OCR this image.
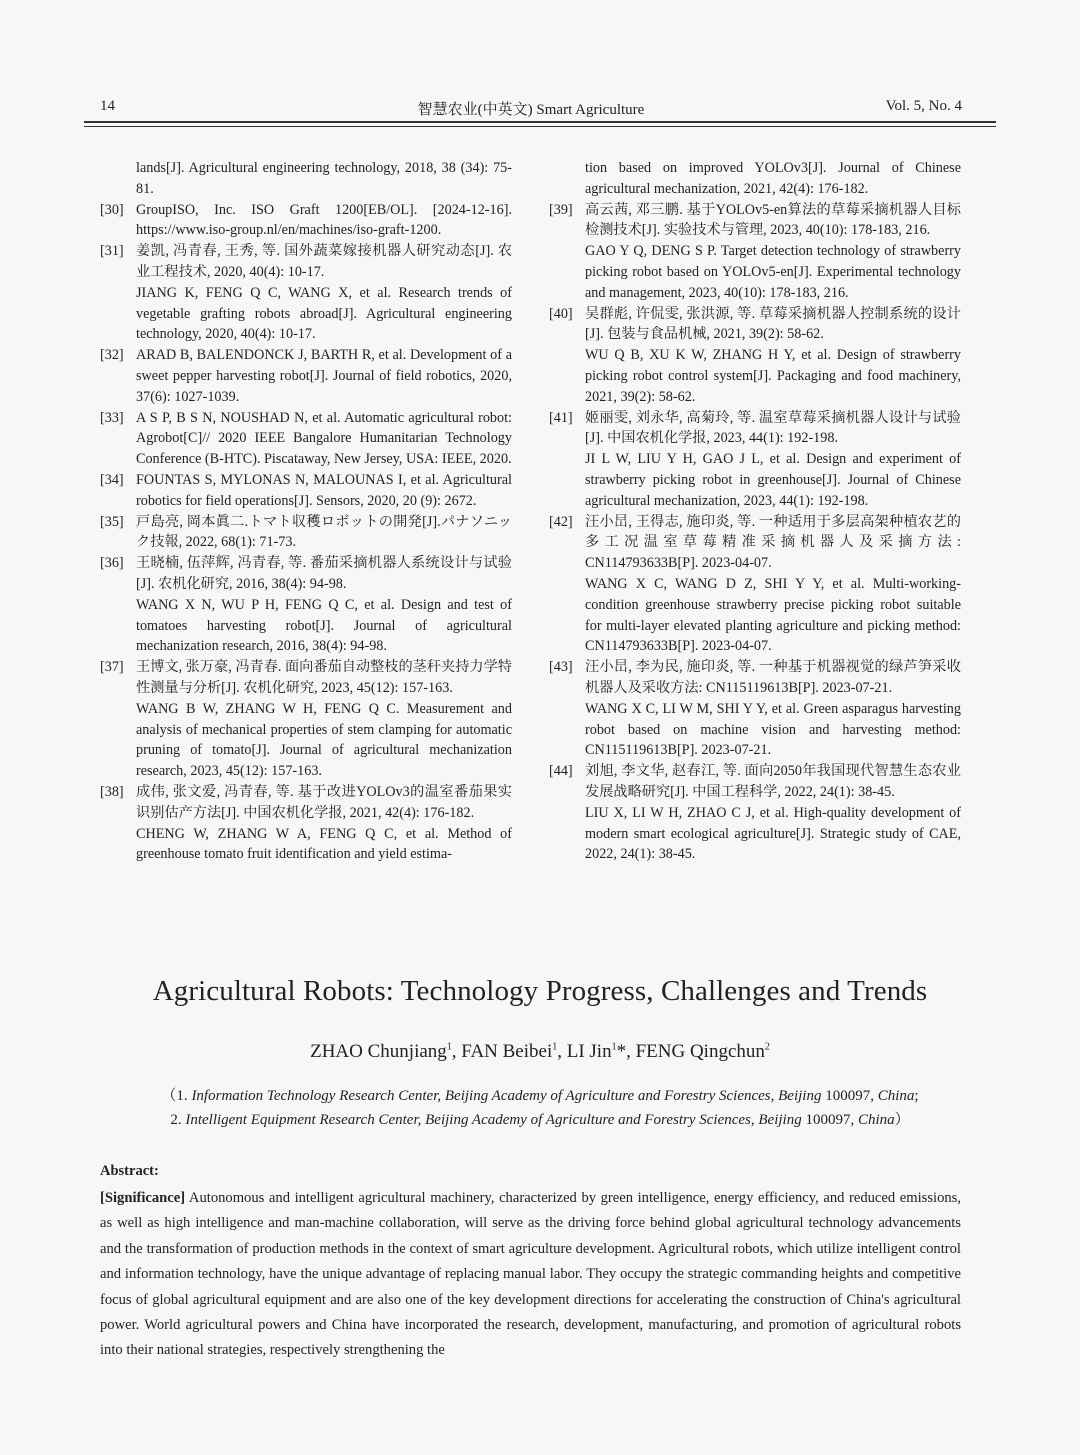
14	智慧农业(中英文) Smart Agriculture	Vol. 5, No. 4
lands[J]. Agricultural engineering technology, 2018, 38 (34): 75-81.
[30] GroupISO, Inc. ISO Graft 1200[EB/OL]. [2024-12-16]. https://www.iso-group.nl/en/machines/iso-graft-1200.
[31] 姜凯, 冯青春, 王秀, 等. 国外蔬菜嫁接机器人研究动态[J]. 农业工程技术, 2020, 40(4): 10-17.
JIANG K, FENG Q C, WANG X, et al. Research trends of vegetable grafting robots abroad[J]. Agricultural engineering technology, 2020, 40(4): 10-17.
[32] ARAD B, BALENDONCK J, BARTH R, et al. Development of a sweet pepper harvesting robot[J]. Journal of field robotics, 2020, 37(6): 1027-1039.
[33] A S P, B S N, NOUSHAD N, et al. Automatic agricultural robot: Agrobot[C]// 2020 IEEE Bangalore Humanitarian Technology Conference (B-HTC). Piscataway, New Jersey, USA: IEEE, 2020.
[34] FOUNTAS S, MYLONAS N, MALOUNAS I, et al. Agricultural robotics for field operations[J]. Sensors, 2020, 20 (9): 2672.
[35] 戸島亮, 岡本眞二.トマト収穫ロボットの開発[J].パナソニック技報, 2022, 68(1): 71-73.
[36] 王晓楠, 伍萍辉, 冯青春, 等. 番茄采摘机器人系统设计与试验[J]. 农机化研究, 2016, 38(4): 94-98.
WANG X N, WU P H, FENG Q C, et al. Design and test of tomatoes harvesting robot[J]. Journal of agricultural mechanization research, 2016, 38(4): 94-98.
[37] 王博文, 张万豪, 冯青春. 面向番茄自动整枝的茎秆夹持力学特性测量与分析[J]. 农机化研究, 2023, 45(12): 157-163.
WANG B W, ZHANG W H, FENG Q C. Measurement and analysis of mechanical properties of stem clamping for automatic pruning of tomato[J]. Journal of agricultural mechanization research, 2023, 45(12): 157-163.
[38] 成伟, 张文爱, 冯青春, 等. 基于改进YOLOv3的温室番茄果实识别估产方法[J]. 中国农机化学报, 2021, 42(4): 176-182.
CHENG W, ZHANG W A, FENG Q C, et al. Method of greenhouse tomato fruit identification and yield estima-
tion based on improved YOLOv3[J]. Journal of Chinese agricultural mechanization, 2021, 42(4): 176-182.
[39] 高云茜, 邓三鹏. 基于YOLOv5-en算法的草莓采摘机器人目标检测技术[J]. 实验技术与管理, 2023, 40(10): 178-183, 216.
GAO Y Q, DENG S P. Target detection technology of strawberry picking robot based on YOLOv5-en[J]. Experimental technology and management, 2023, 40(10): 178-183, 216.
[40] 吴群彪, 许侃雯, 张洪源, 等. 草莓采摘机器人控制系统的设计[J]. 包装与食品机械, 2021, 39(2): 58-62.
WU Q B, XU K W, ZHANG H Y, et al. Design of strawberry picking robot control system[J]. Packaging and food machinery, 2021, 39(2): 58-62.
[41] 姬丽雯, 刘永华, 高菊玲, 等. 温室草莓采摘机器人设计与试验[J]. 中国农机化学报, 2023, 44(1): 192-198.
JI L W, LIU Y H, GAO J L, et al. Design and experiment of strawberry picking robot in greenhouse[J]. Journal of Chinese agricultural mechanization, 2023, 44(1): 192-198.
[42] 汪小旵, 王得志, 施印炎, 等. 一种适用于多层高架种植农艺的多工况温室草莓精准采摘机器人及采摘方法: CN114793633B[P]. 2023-04-07.
WANG X C, WANG D Z, SHI Y Y, et al. Multi-working-condition greenhouse strawberry precise picking robot suitable for multi-layer elevated planting agriculture and picking method: CN114793633B[P]. 2023-04-07.
[43] 汪小旵, 李为民, 施印炎, 等. 一种基于机器视觉的绿芦笋采收机器人及采收方法: CN115119613B[P]. 2023-07-21.
WANG X C, LI W M, SHI Y Y, et al. Green asparagus harvesting robot based on machine vision and harvesting method: CN115119613B[P]. 2023-07-21.
[44] 刘旭, 李文华, 赵春江, 等. 面向2050年我国现代智慧生态农业发展战略研究[J]. 中国工程科学, 2022, 24(1): 38-45.
LIU X, LI W H, ZHAO C J, et al. High-quality development of modern smart ecological agriculture[J]. Strategic study of CAE, 2022, 24(1): 38-45.
Agricultural Robots: Technology Progress, Challenges and Trends
ZHAO Chunjiang$^1$, FAN Beibei$^1$, LI Jin$^1$*, FENG Qingchun$^2$
（1. Information Technology Research Center, Beijing Academy of Agriculture and Forestry Sciences, Beijing 100097, China;
2. Intelligent Equipment Research Center, Beijing Academy of Agriculture and Forestry Sciences, Beijing 100097, China）
Abstract:
[Significance] Autonomous and intelligent agricultural machinery, characterized by green intelligence, energy efficiency, and reduced emissions, as well as high intelligence and man-machine collaboration, will serve as the driving force behind global agricultural technology advancements and the transformation of production methods in the context of smart agriculture development. Agricultural robots, which utilize intelligent control and information technology, have the unique advantage of replacing manual labor. They occupy the strategic commanding heights and competitive focus of global agricultural equipment and are also one of the key development directions for accelerating the construction of China's agricultural power. World agricultural powers and China have incorporated the research, development, manufacturing, and promotion of agricultural robots into their national strategies, respectively strengthening the
